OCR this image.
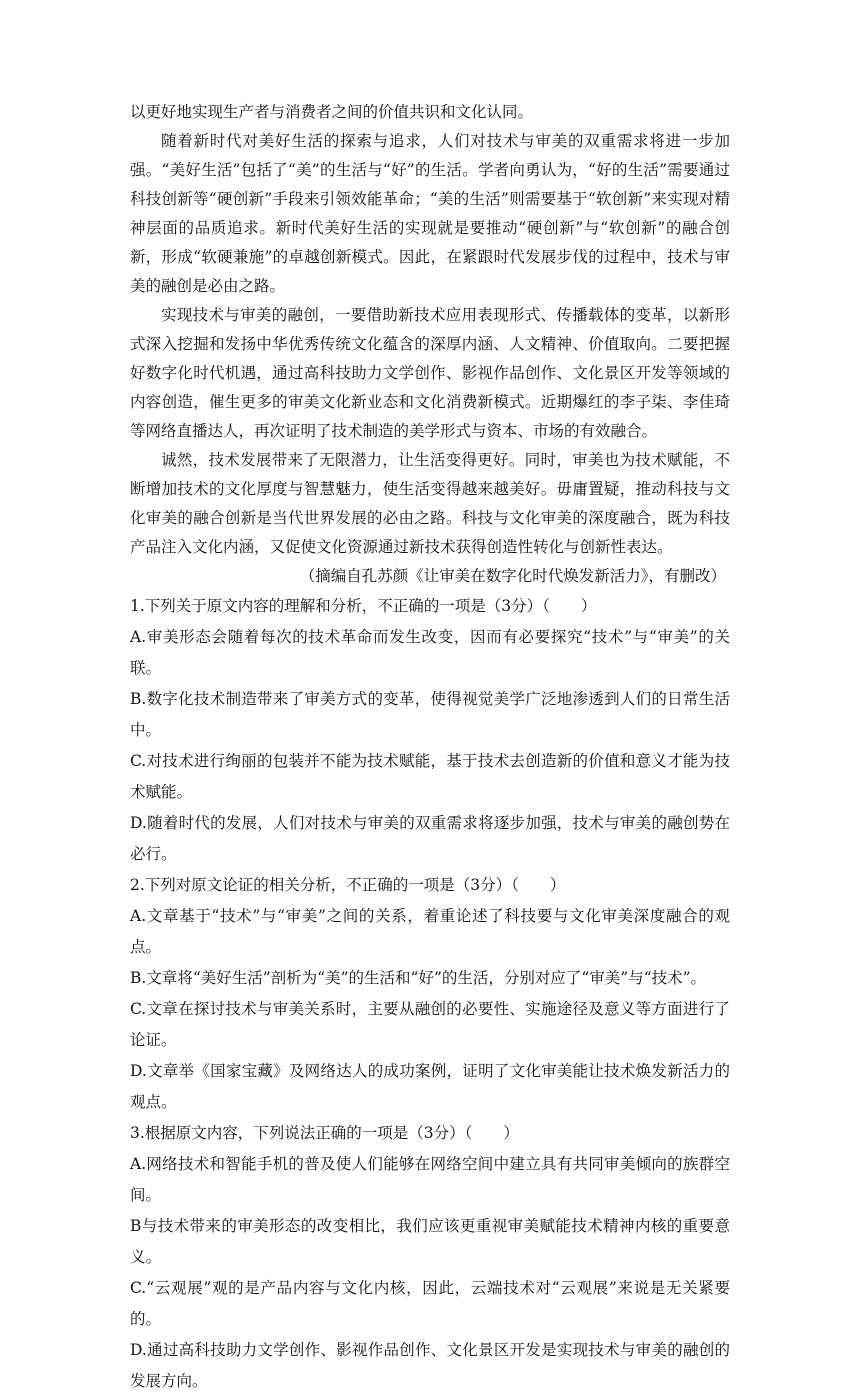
以更好地实现生产者与消费者之间的价值共识和文化认同。

随着新时代对美好生活的探索与追求，人们对技术与审美的双重需求将进一步加强。“美好生活”包括了“美”的生活与“好”的生活。学者向勇认为，“好的生活”需要通过科技创新等“硬创新”手段来引领效能革命；“美的生活”则需要基于“软创新”来实现对精神层面的品质追求。新时代美好生活的实现就是要推动“硬创新”与“软创新”的融合创新，形成“软硬兼施”的卓越创新模式。因此，在紧跟时代发展步伐的过程中，技术与审美的融创是必由之路。

实现技术与审美的融创，一要借助新技术应用表现形式、传播载体的变革，以新形式深入挖掘和发扬中华优秀传统文化蕴含的深厚内涵、人文精神、价值取向。二要把握好数字化时代机遇，通过高科技助力文学创作、影视作品创作、文化景区开发等领域的内容创造，催生更多的审美文化新业态和文化消费新模式。近期爆红的李子柒、李佳琦等网络直播达人，再次证明了技术制造的美学形式与资本、市场的有效融合。

诚然，技术发展带来了无限潜力，让生活变得更好。同时，审美也为技术赋能，不断增加技术的文化厚度与智慧魅力，使生活变得越来越美好。毋庸置疑，推动科技与文化审美的融合创新是当代世界发展的必由之路。科技与文化审美的深度融合，既为科技产品注入文化内涵，又促使文化资源通过新技术获得创造性转化与创新性表达。

（摘编自孔苏颜《让审美在数字化时代焕发新活力》，有删改）

1.下列关于原文内容的理解和分析，不正确的一项是（3分）（　　）

A.审美形态会随着每次的技术革命而发生改变，因而有必要探究“技术”与“审美”的关联。

B.数字化技术制造带来了审美方式的变革，使得视觉美学广泛地渗透到人们的日常生活中。

C.对技术进行绚丽的包装并不能为技术赋能，基于技术去创造新的价值和意义才能为技术赋能。

D.随着时代的发展，人们对技术与审美的双重需求将逐步加强，技术与审美的融创势在必行。

2.下列对原文论证的相关分析，不正确的一项是（3分）（　　）

A.文章基于“技术”与“审美”之间的关系，着重论述了科技要与文化审美深度融合的观点。

B.文章将“美好生活”剖析为“美”的生活和“好”的生活，分别对应了“审美”与“技术”。

C.文章在探讨技术与审美关系时，主要从融创的必要性、实施途径及意义等方面进行了论证。

D.文章举《国家宝藏》及网络达人的成功案例，证明了文化审美能让技术焕发新活力的观点。

3.根据原文内容，下列说法正确的一项是（3分）（　　）

A.网络技术和智能手机的普及使人们能够在网络空间中建立具有共同审美倾向的族群空间。

B与技术带来的审美形态的改变相比，我们应该更重视审美赋能技术精神内核的重要意义。

C.“云观展”观的是产品内容与文化内核，因此，云端技术对“云观展”来说是无关紧要的。

D.通过高科技助力文学创作、影视作品创作、文化景区开发是实现技术与审美的融创的发展方向。
